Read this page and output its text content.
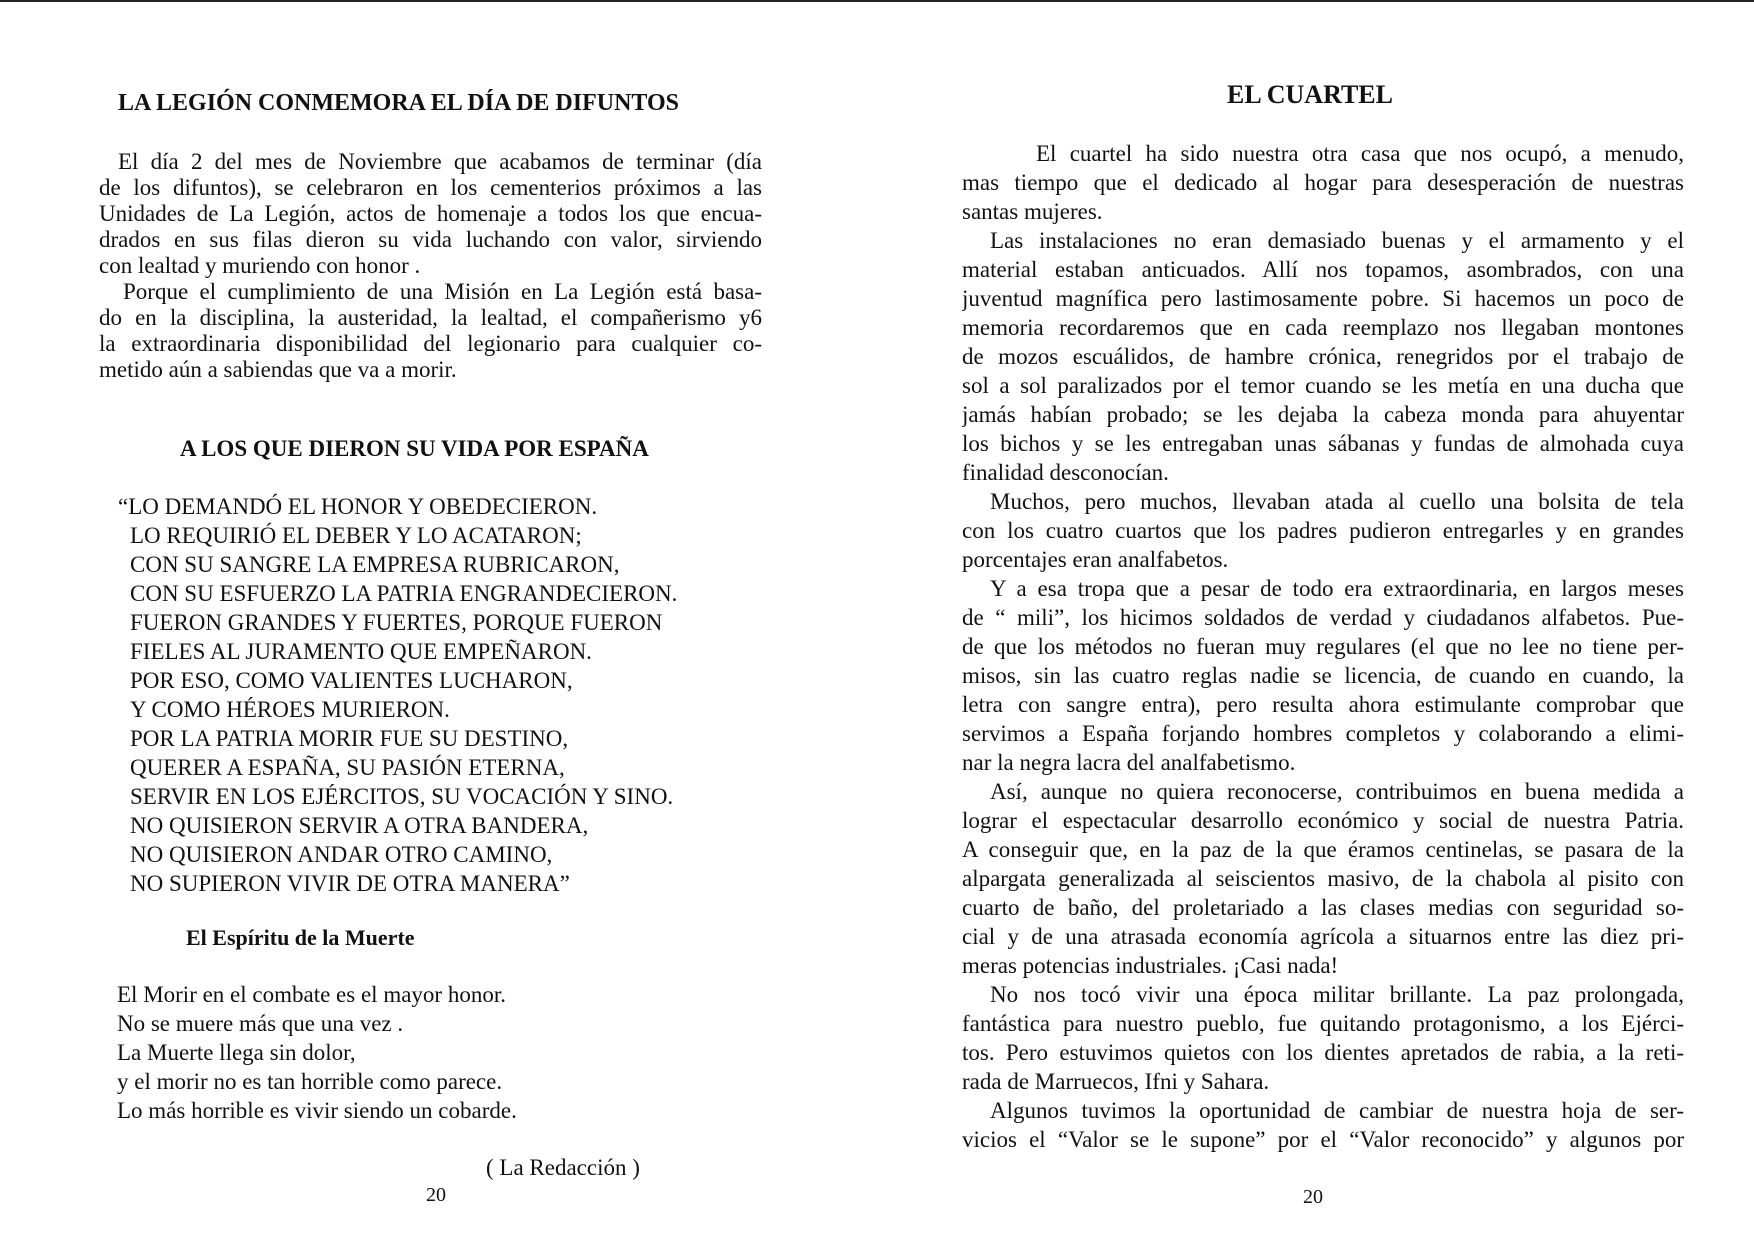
LA LEGIÓN CONMEMORA EL DÍA DE DIFUNTOS
El día 2 del mes de Noviembre que acabamos de terminar (día
de los difuntos), se celebraron en los cementerios próximos a las
Unidades de La Legión, actos de homenaje a todos los que encua-
drados en sus filas dieron su vida luchando con valor, sirviendo
con lealtad y muriendo con honor .
Porque el cumplimiento de una Misión en La Legión está basa-
do en la disciplina, la austeridad, la lealtad, el compañerismo y6
la extraordinaria disponibilidad del legionario para cualquier co-
metido aún a sabiendas que va a morir.
A LOS QUE DIERON SU VIDA POR ESPAÑA
“LO DEMANDÓ EL HONOR Y OBEDECIERON.
LO REQUIRIÓ EL DEBER Y LO ACATARON;
CON SU SANGRE LA EMPRESA RUBRICARON,
CON SU ESFUERZO LA PATRIA ENGRANDECIERON.
FUERON GRANDES Y FUERTES, PORQUE FUERON
FIELES AL JURAMENTO QUE EMPEÑARON.
POR ESO, COMO VALIENTES LUCHARON,
Y COMO HÉROES MURIERON.
POR LA PATRIA MORIR FUE SU DESTINO,
QUERER A ESPAÑA, SU PASIÓN ETERNA,
SERVIR EN LOS EJÉRCITOS, SU VOCACIÓN Y SINO.
NO QUISIERON SERVIR A OTRA BANDERA,
NO QUISIERON ANDAR OTRO CAMINO,
NO SUPIERON VIVIR DE OTRA MANERA”
El Espíritu de la Muerte
El Morir en el combate es el mayor honor.
No se muere más que una vez .
La Muerte llega sin dolor,
y el morir no es tan horrible como parece.
Lo más horrible es vivir siendo un cobarde.
( La Redacción )
20
EL CUARTEL
El cuartel ha sido nuestra otra casa que nos ocupó, a menudo,
mas tiempo que el dedicado al hogar para desesperación de nuestras
santas mujeres.
Las instalaciones no eran demasiado buenas y el armamento y el
material estaban anticuados. Allí nos topamos, asombrados, con una
juventud magnífica pero lastimosamente pobre. Si hacemos un poco de
memoria recordaremos que en cada reemplazo nos llegaban montones
de mozos escuálidos, de hambre crónica, renegridos por el trabajo de
sol a sol paralizados por el temor cuando se les metía en una ducha que
jamás habían probado; se les dejaba la cabeza monda para ahuyentar
los bichos y se les entregaban unas sábanas y fundas de almohada cuya
finalidad desconocían.
Muchos, pero muchos, llevaban atada al cuello una bolsita de tela
con los cuatro cuartos que los padres pudieron entregarles y en grandes
porcentajes eran analfabetos.
Y a esa tropa que a pesar de todo era extraordinaria, en largos meses
de “ mili”, los hicimos soldados de verdad y ciudadanos alfabetos. Pue-
de que los métodos no fueran muy regulares (el que no lee no tiene per-
misos, sin las cuatro reglas nadie se licencia, de cuando en cuando, la
letra con sangre entra), pero resulta ahora estimulante comprobar que
servimos a España forjando hombres completos y colaborando a elimi-
nar la negra lacra del analfabetismo.
Así, aunque no quiera reconocerse, contribuimos en buena medida a
lograr el espectacular desarrollo económico y social de nuestra Patria.
A conseguir que, en la paz de la que éramos centinelas, se pasara de la
alpargata generalizada al seiscientos masivo, de la chabola al pisito con
cuarto de baño, del proletariado a las clases medias con seguridad so-
cial y de una atrasada economía agrícola a situarnos entre las diez pri-
meras potencias industriales. ¡Casi nada!
No nos tocó vivir una época militar brillante. La paz prolongada,
fantástica para nuestro pueblo, fue quitando protagonismo, a los Ejérci-
tos. Pero estuvimos quietos con los dientes apretados de rabia, a la reti-
rada de Marruecos, Ifni y Sahara.
Algunos tuvimos la oportunidad de cambiar de nuestra hoja de ser-
vicios el “Valor se le supone” por el “Valor reconocido” y algunos por
20
